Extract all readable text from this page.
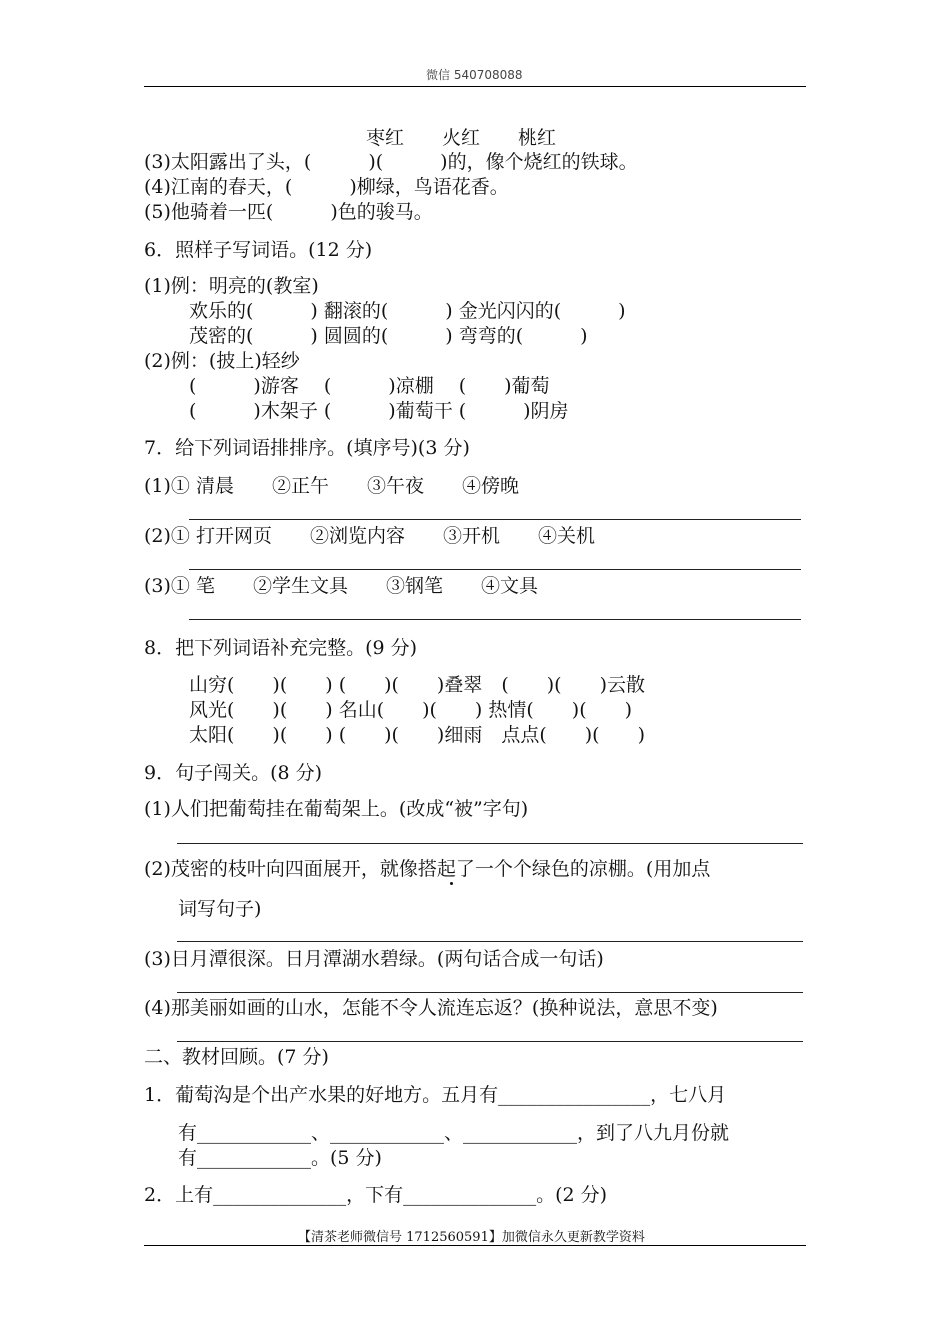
微信 540708088
枣红　　火红　　桃红
(3)太阳露出了头，(　　　)(　　　)的，像个烧红的铁球。
(4)江南的春天，(　　　)柳绿，鸟语花香。
(5)他骑着一匹(　　　)色的骏马。
6．照样子写词语。(12 分)
(1)例：明亮的(教室)
欢乐的(　　　) 翻滚的(　　　) 金光闪闪的(　　　)
茂密的(　　　) 圆圆的(　　　) 弯弯的(　　　)
(2)例：(披上)轻纱
(　　　)游客　 (　　　)凉棚　 (　　)葡萄
(　　　)木架子 (　　　)葡萄干 (　　　)阴房
7．给下列词语排排序。(填序号)(3 分)
(1)① 清晨　　②正午　　③午夜　　④傍晚
(2)① 打开网页　　②浏览内容　　③开机　　④关机
(3)① 笔　　②学生文具　　③钢笔　　④文具
8．把下列词语补充完整。(9 分)
山穷(　　)(　　) (　　)(　　)叠翠　(　　)(　　)云散
风光(　　)(　　) 名山(　　)(　　) 热情(　　)(　　)
太阳(　　)(　　) (　　)(　　)细雨　点点(　　)(　　)
9．句子闯关。(8 分)
(1)人们把葡萄挂在葡萄架上。(改成“被”字句)
(2)茂密的枝叶向四面展开，就像搭起了一个个绿色的凉棚。(用加点
词写句子)
(3)日月潭很深。日月潭湖水碧绿。(两句话合成一句话)
(4)那美丽如画的山水，怎能不令人流连忘返？(换种说法，意思不变)
二、教材回顾。(7 分)
1．葡萄沟是个出产水果的好地方。五月有________________，七八月
有____________、____________、____________，到了八九月份就
有____________。(5 分)
2．上有______________，下有______________。(2 分)
【清茶老师微信号 1712560591】加微信永久更新教学资料
